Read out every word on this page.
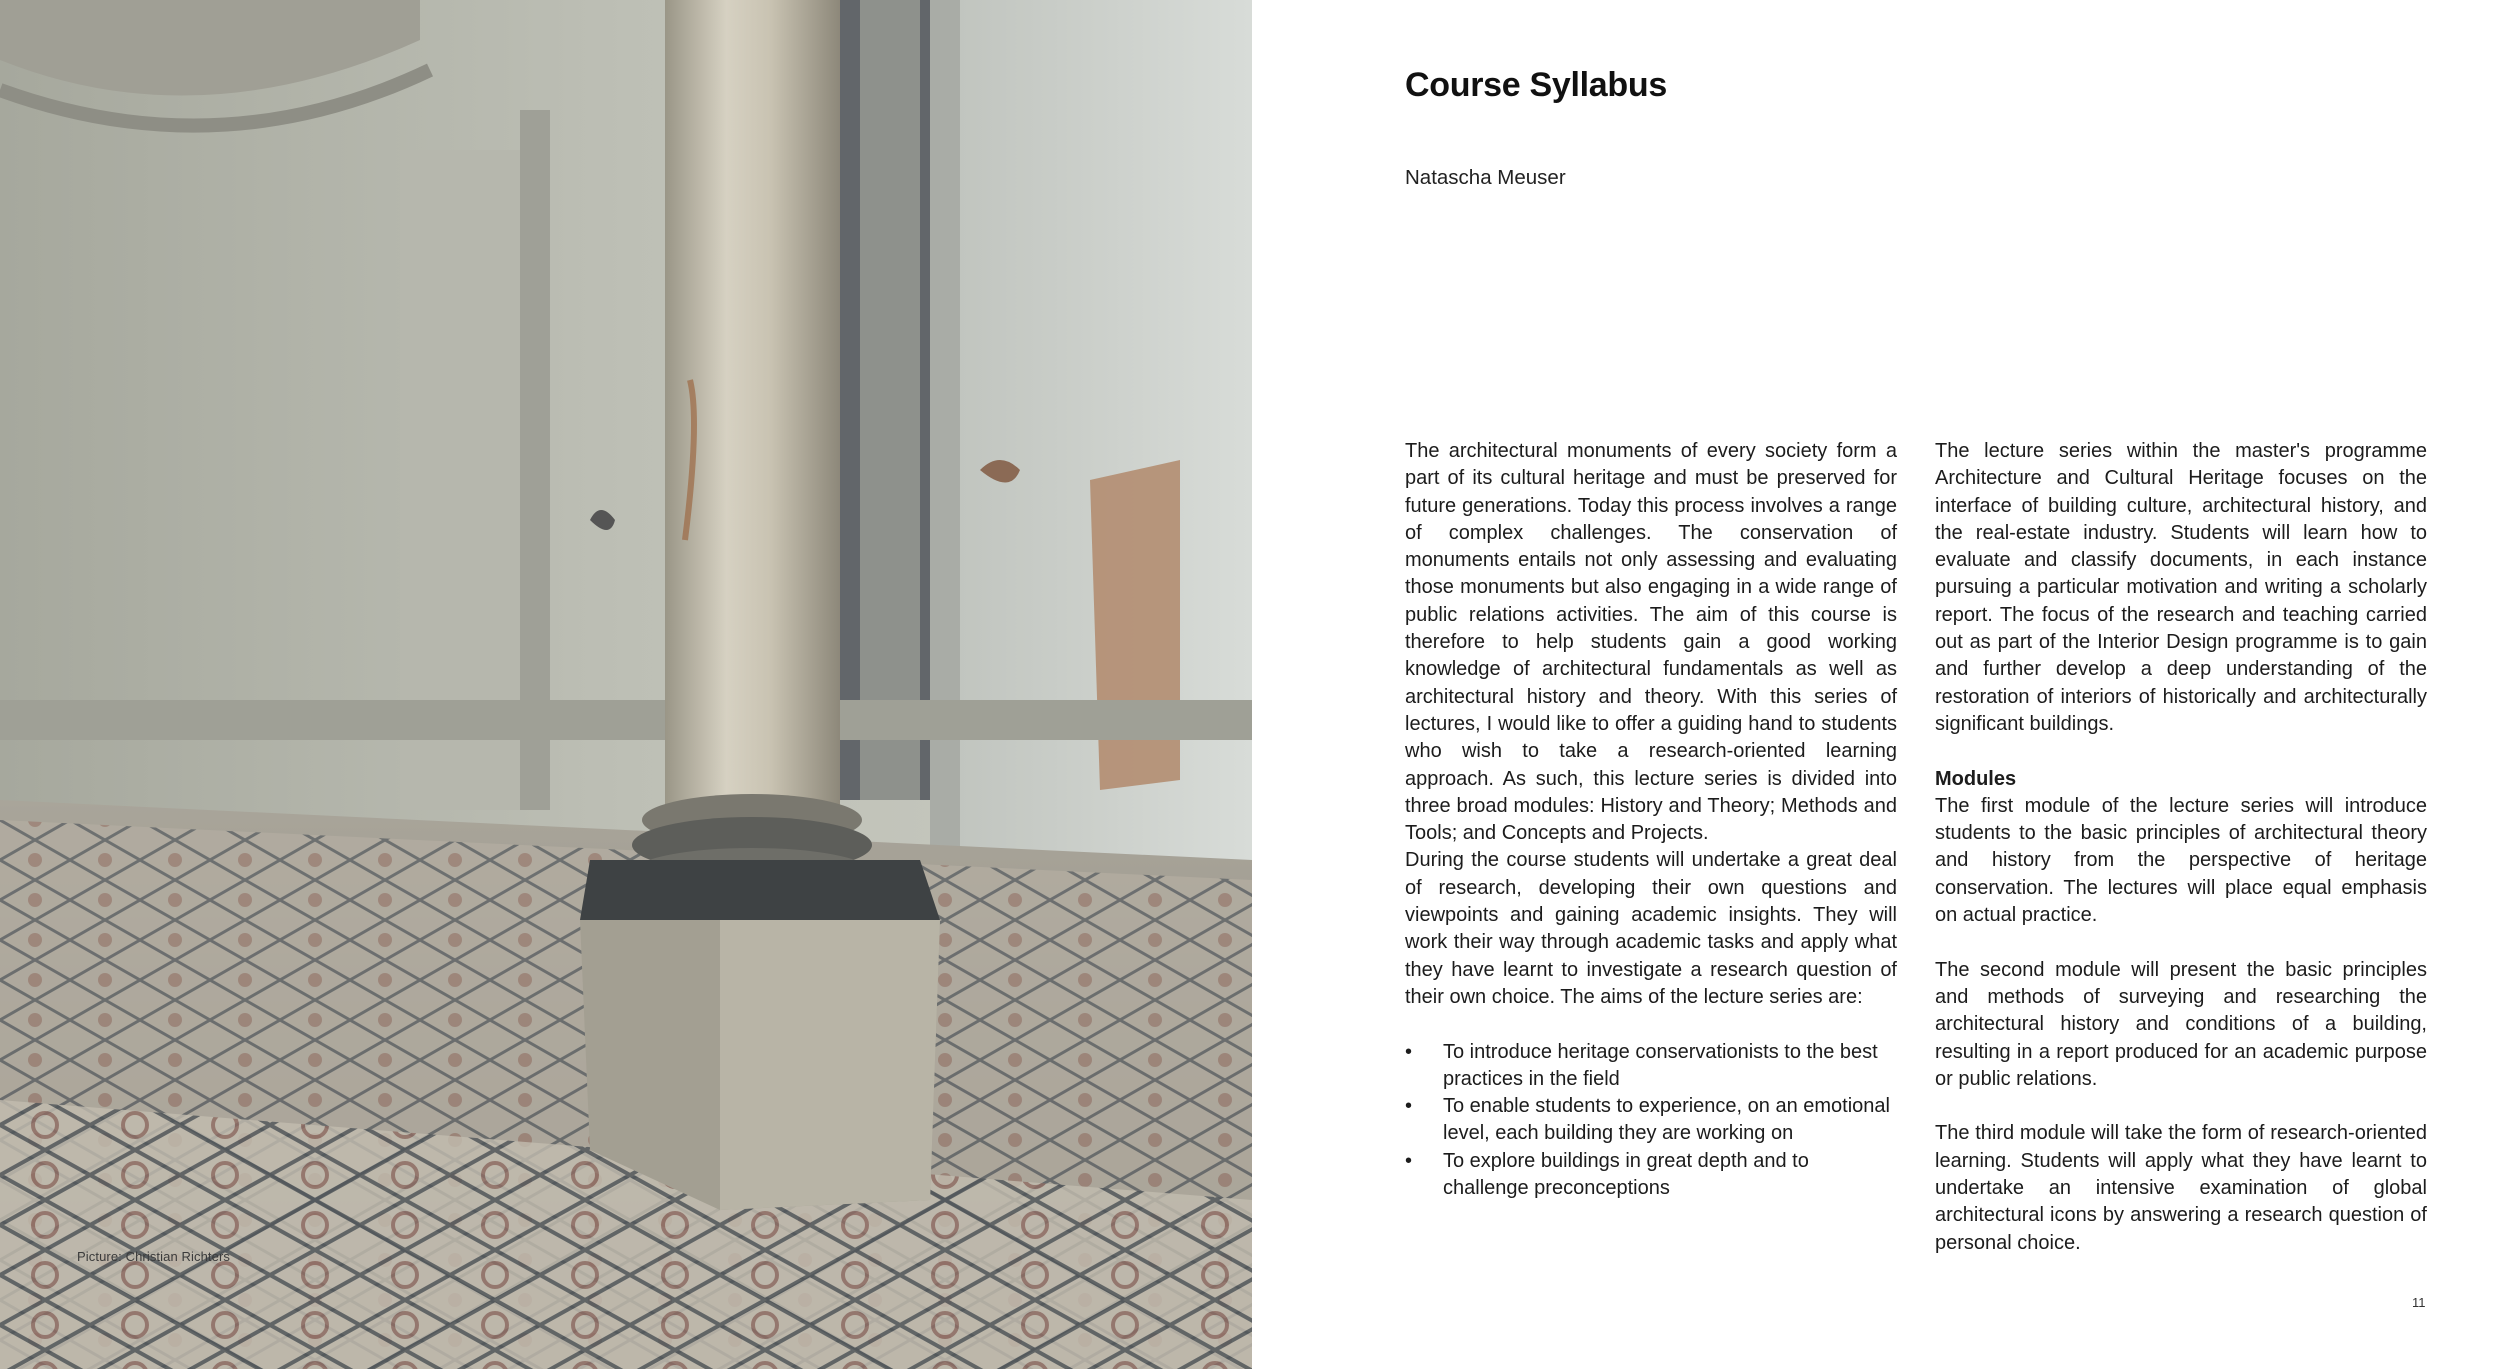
Picture: Christian Richters
Course Syllabus
Natascha Meuser

The architectural monuments of every society form a part of its cultural heritage and must be preserved for future generations. Today this process involves a range of complex challenges. The conservation of monuments entails not only assessing and evaluating those monuments but also engaging in a wide range of public relations activities. The aim of this course is therefore to help students gain a good working knowledge of architectural fundamentals as well as architectural history and theory. With this series of lectures, I would like to offer a guiding hand to students who wish to take a research-oriented learning approach. As such, this lecture series is divided into three broad modules: History and Theory; Methods and Tools; and Concepts and Projects.

During the course students will undertake a great deal of research, developing their own questions and viewpoints and gaining academic insights. They will work their way through academic tasks and apply what they have learnt to investigate a research question of their own choice. The aims of the lecture series are:

• To introduce heritage conservationists to the best practices in the field
• To enable students to experience, on an emotional level, each building they are working on
• To explore buildings in great depth and to challenge preconceptions

The lecture series within the master's programme Architecture and Cultural Heritage focuses on the interface of building culture, architectural history, and the real-estate industry. Students will learn how to evaluate and classify documents, in each instance pursuing a particular motivation and writing a scholarly report. The focus of the research and teaching carried out as part of the Interior Design programme is to gain and further develop a deep understanding of the restoration of interiors of historically and architecturally significant buildings.

Modules

The first module of the lecture series will introduce students to the basic principles of architectural theory and history from the perspective of heritage conservation. The lectures will place equal emphasis on actual practice.

The second module will present the basic principles and methods of surveying and researching the architectural history and conditions of a building, resulting in a report produced for an academic purpose or public relations.

The third module will take the form of research-oriented learning. Students will apply what they have learnt to undertake an intensive examination of global architectural icons by answering a research question of personal choice.

11
